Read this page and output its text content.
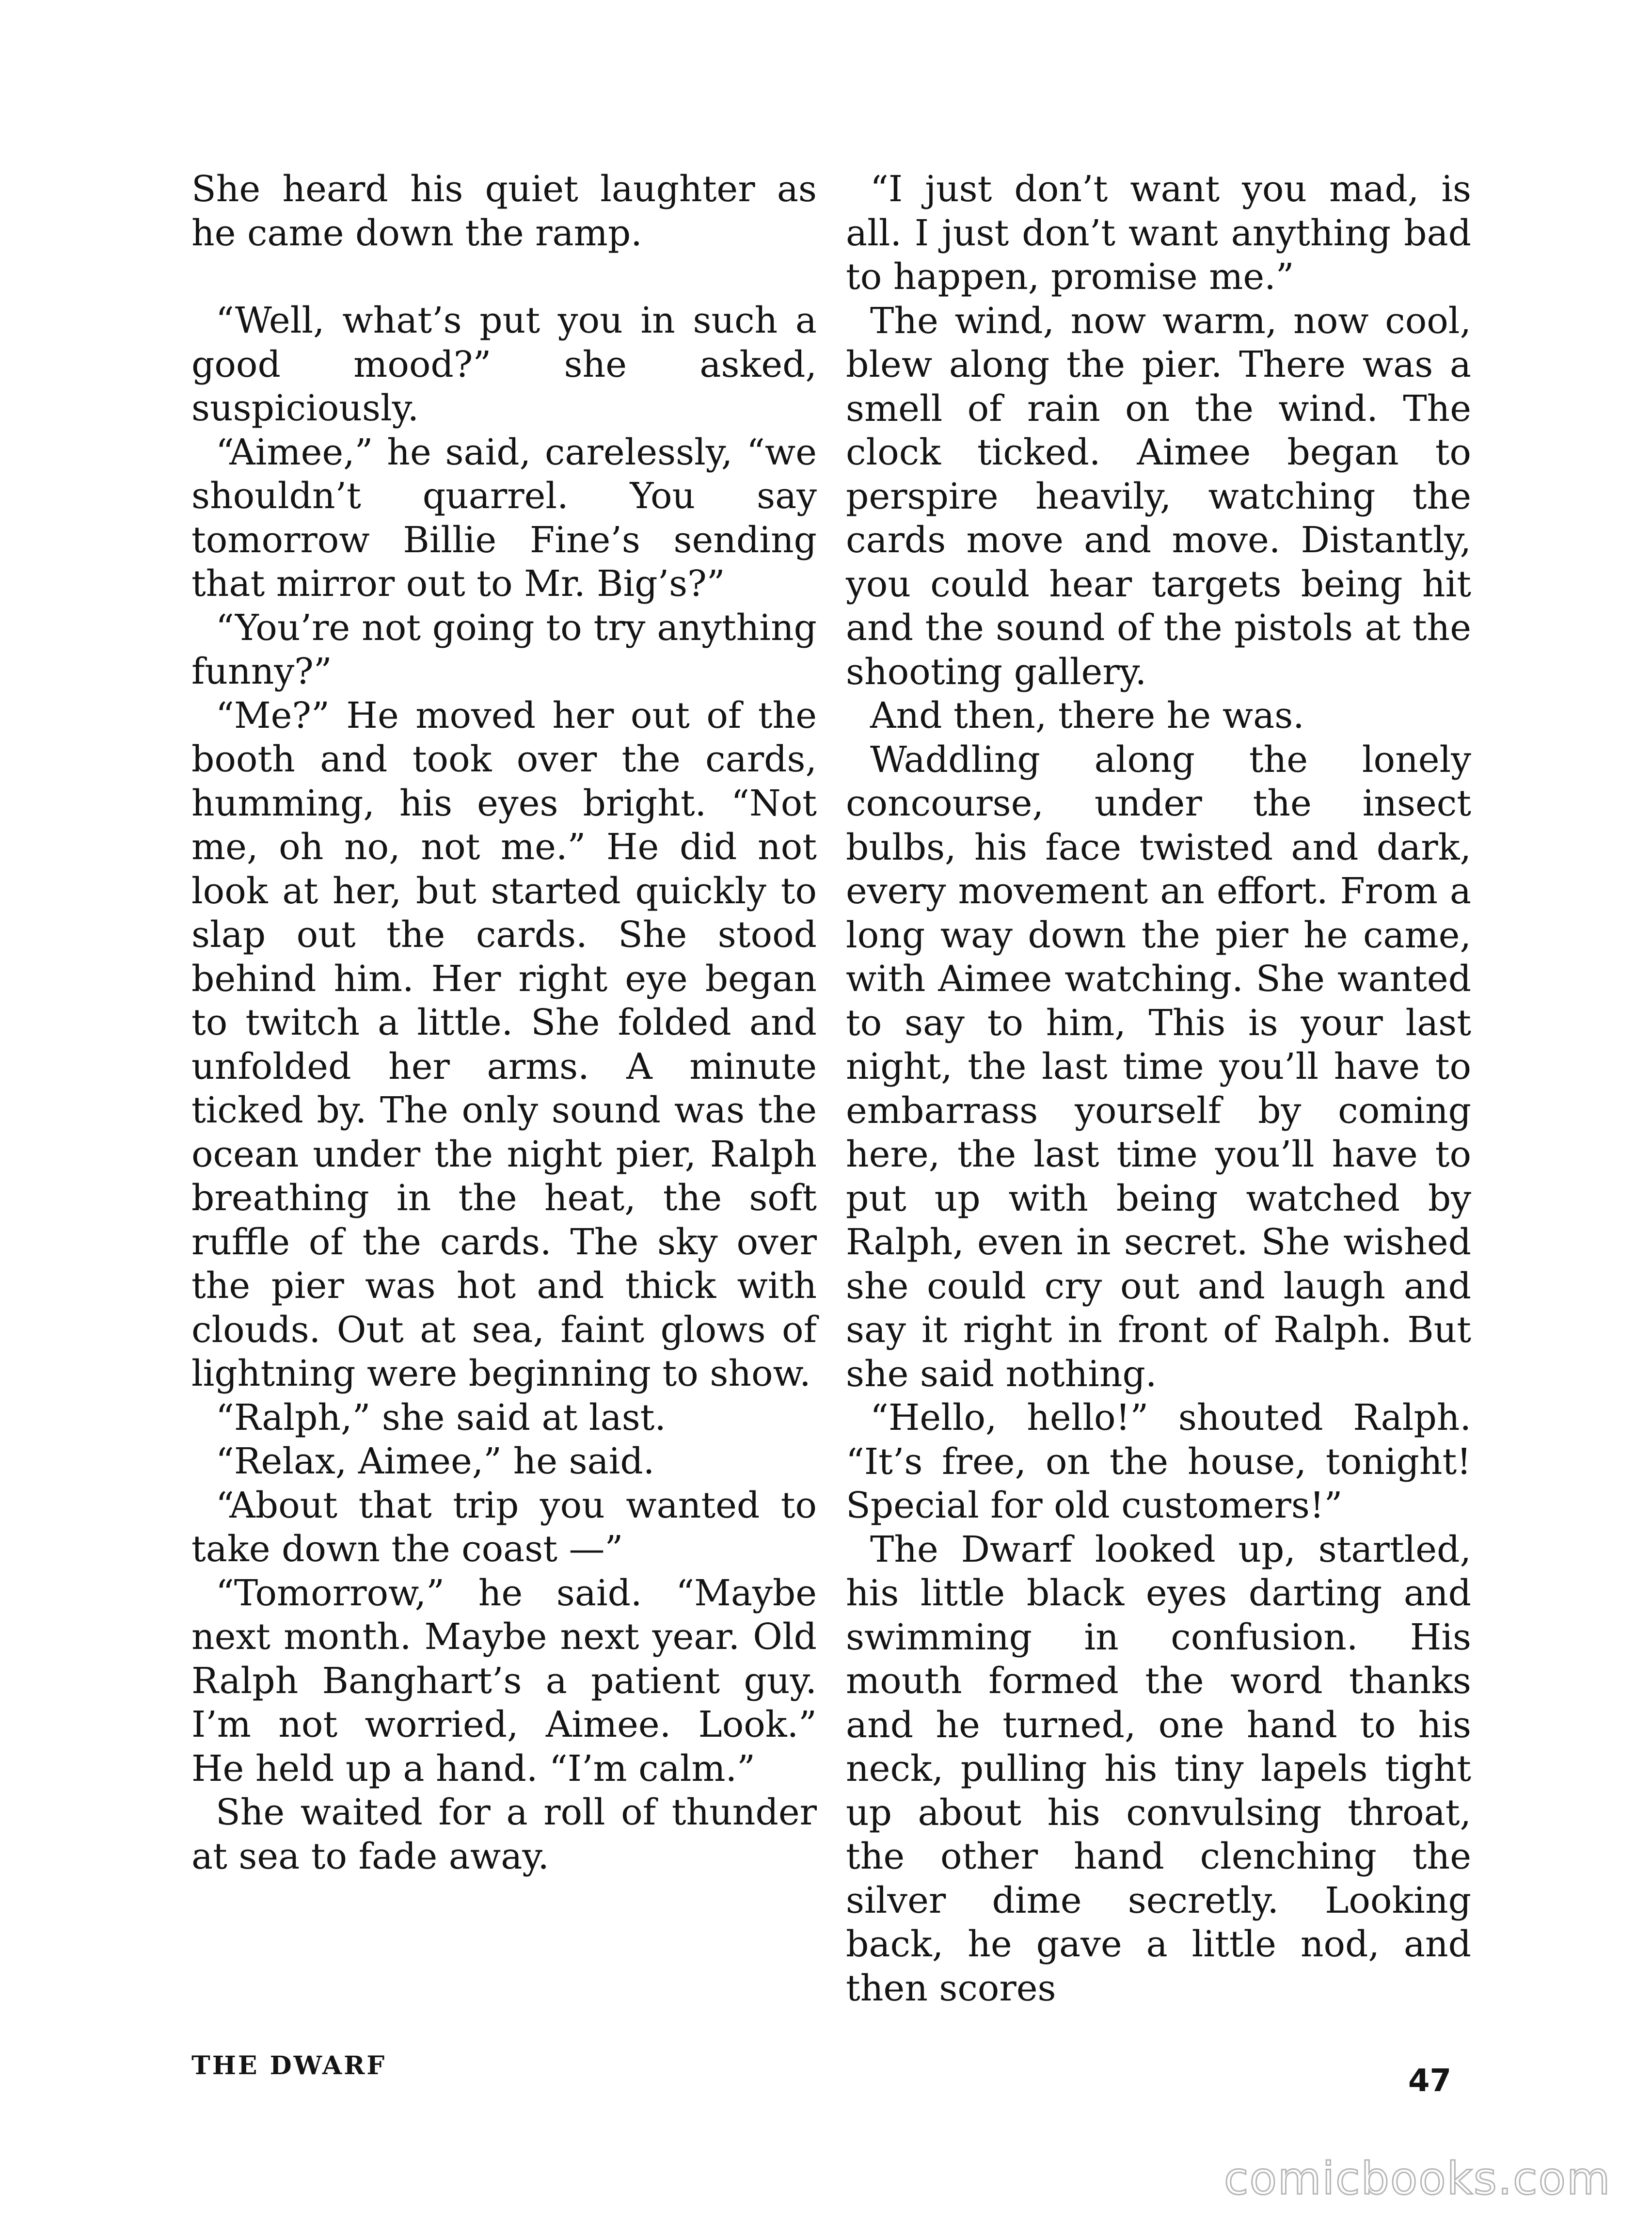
She heard his quiet laughter as he came down the ramp.

“Well, what’s put you in such a good mood?” she asked, suspiciously.

“Aimee,” he said, carelessly, “we shouldn’t quarrel. You say tomorrow Billie Fine’s sending that mirror out to Mr. Big’s?”

“You’re not going to try anything funny?”

“Me?” He moved her out of the booth and took over the cards, humming, his eyes bright. “Not me, oh no, not me.” He did not look at her, but started quickly to slap out the cards. She stood behind him. Her right eye began to twitch a little. She folded and unfolded her arms. A minute ticked by. The only sound was the ocean under the night pier, Ralph breathing in the heat, the soft ruffle of the cards. The sky over the pier was hot and thick with clouds. Out at sea, faint glows of lightning were beginning to show.

“Ralph,” she said at last.

“Relax, Aimee,” he said.

“About that trip you wanted to take down the coast —”

“Tomorrow,” he said. “Maybe next month. Maybe next year. Old Ralph Banghart’s a patient guy. I’m not worried, Aimee. Look.” He held up a hand. “I’m calm.”

She waited for a roll of thunder at sea to fade away.

“I just don’t want you mad, is all. I just don’t want anything bad to happen, promise me.”

The wind, now warm, now cool, blew along the pier. There was a smell of rain on the wind. The clock ticked. Aimee began to perspire heavily, watching the cards move and move. Distantly, you could hear targets being hit and the sound of the pistols at the shooting gallery.

And then, there he was.

Waddling along the lonely concourse, under the insect bulbs, his face twisted and dark, every movement an effort. From a long way down the pier he came, with Aimee watching. She wanted to say to him, This is your last night, the last time you’ll have to embarrass yourself by coming here, the last time you’ll have to put up with being watched by Ralph, even in secret. She wished she could cry out and laugh and say it right in front of Ralph. But she said nothing.

“Hello, hello!” shouted Ralph. “It’s free, on the house, tonight! Special for old customers!”

The Dwarf looked up, startled, his little black eyes darting and swimming in confusion. His mouth formed the word thanks and he turned, one hand to his neck, pulling his tiny lapels tight up about his convulsing throat, the other hand clenching the silver dime secretly. Looking back, he gave a little nod, and then scores

THE DWARF	47
comicbooks.com
